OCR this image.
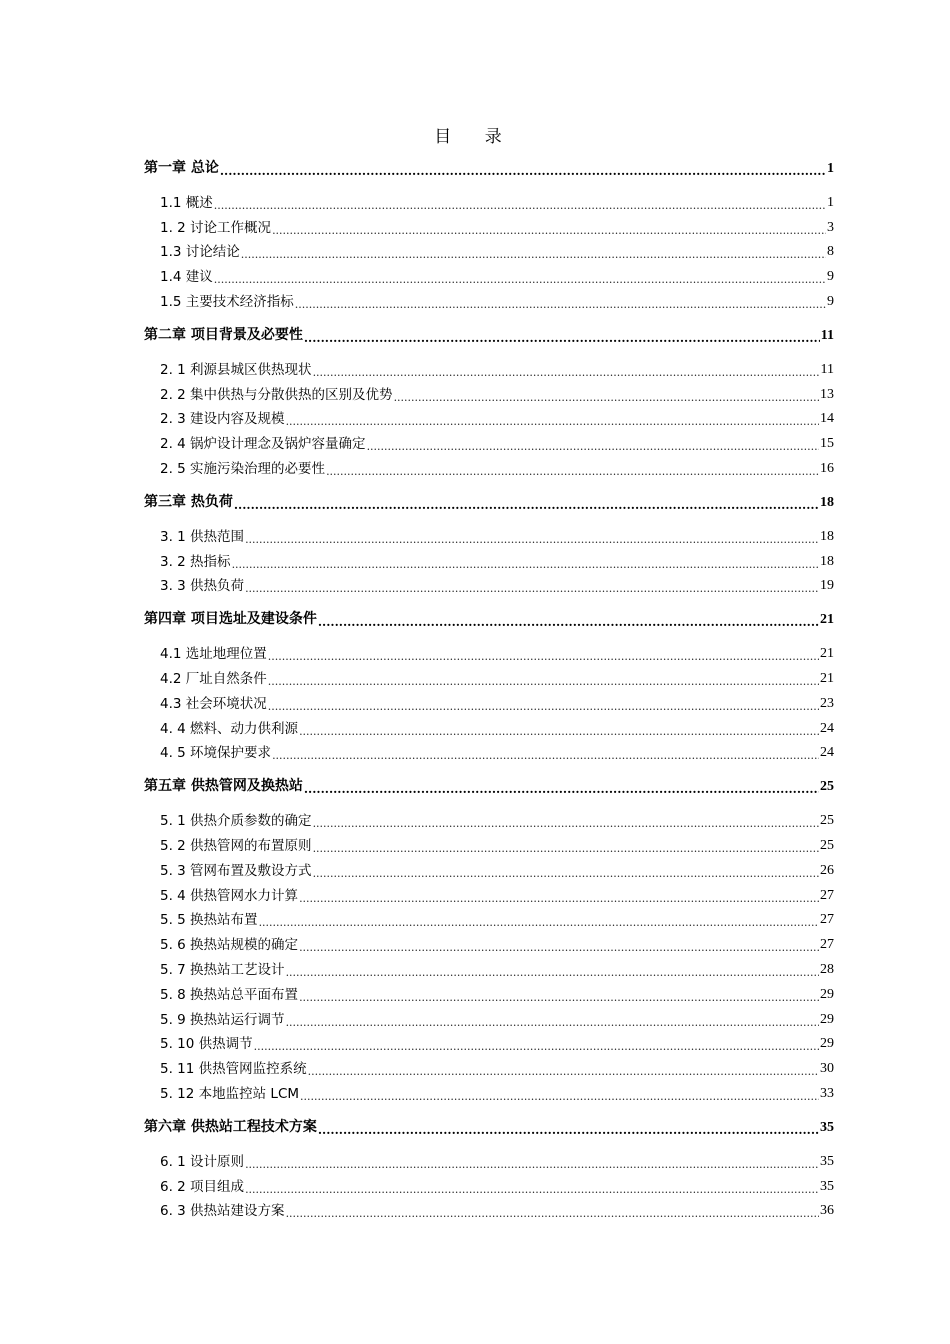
目 录
第一章 总论 .....	1
1.1 概述 .....	1
1. 2 讨论工作概况 .....	3
1.3 讨论结论 .....	8
1.4 建议 .....	9
1.5 主要技术经济指标 .....	9
第二章 项目背景及必要性 .....	11
2. 1 利源县城区供热现状 .....	11
2. 2 集中供热与分散供热的区别及优势 .....	13
2. 3 建设内容及规模 .....	14
2. 4 锅炉设计理念及锅炉容量确定 .....	15
2. 5 实施污染治理的必要性 .....	16
第三章 热负荷 .....	18
3. 1 供热范围 .....	18
3. 2 热指标 .....	18
3. 3 供热负荷 .....	19
第四章 项目选址及建设条件 .....	21
4.1 选址地理位置 .....	21
4.2 厂址自然条件 .....	21
4.3 社会环境状况 .....	23
4. 4 燃料、动力供利源 .....	24
4. 5 环境保护要求 .....	24
第五章 供热管网及换热站 .....	25
5. 1 供热介质参数的确定 .....	25
5. 2 供热管网的布置原则 .....	25
5. 3 管网布置及敷设方式 .....	26
5. 4 供热管网水力计算 .....	27
5. 5 换热站布置 .....	27
5. 6 换热站规模的确定 .....	27
5. 7 换热站工艺设计 .....	28
5. 8 换热站总平面布置 .....	29
5. 9 换热站运行调节 .....	29
5. 10 供热调节 .....	29
5. 11 供热管网监控系统 .....	30
5. 12 本地监控站 LCM .....	33
第六章 供热站工程技术方案 .....	35
6. 1 设计原则 .....	35
6. 2 项目组成 .....	35
6. 3 供热站建设方案 .....	36
